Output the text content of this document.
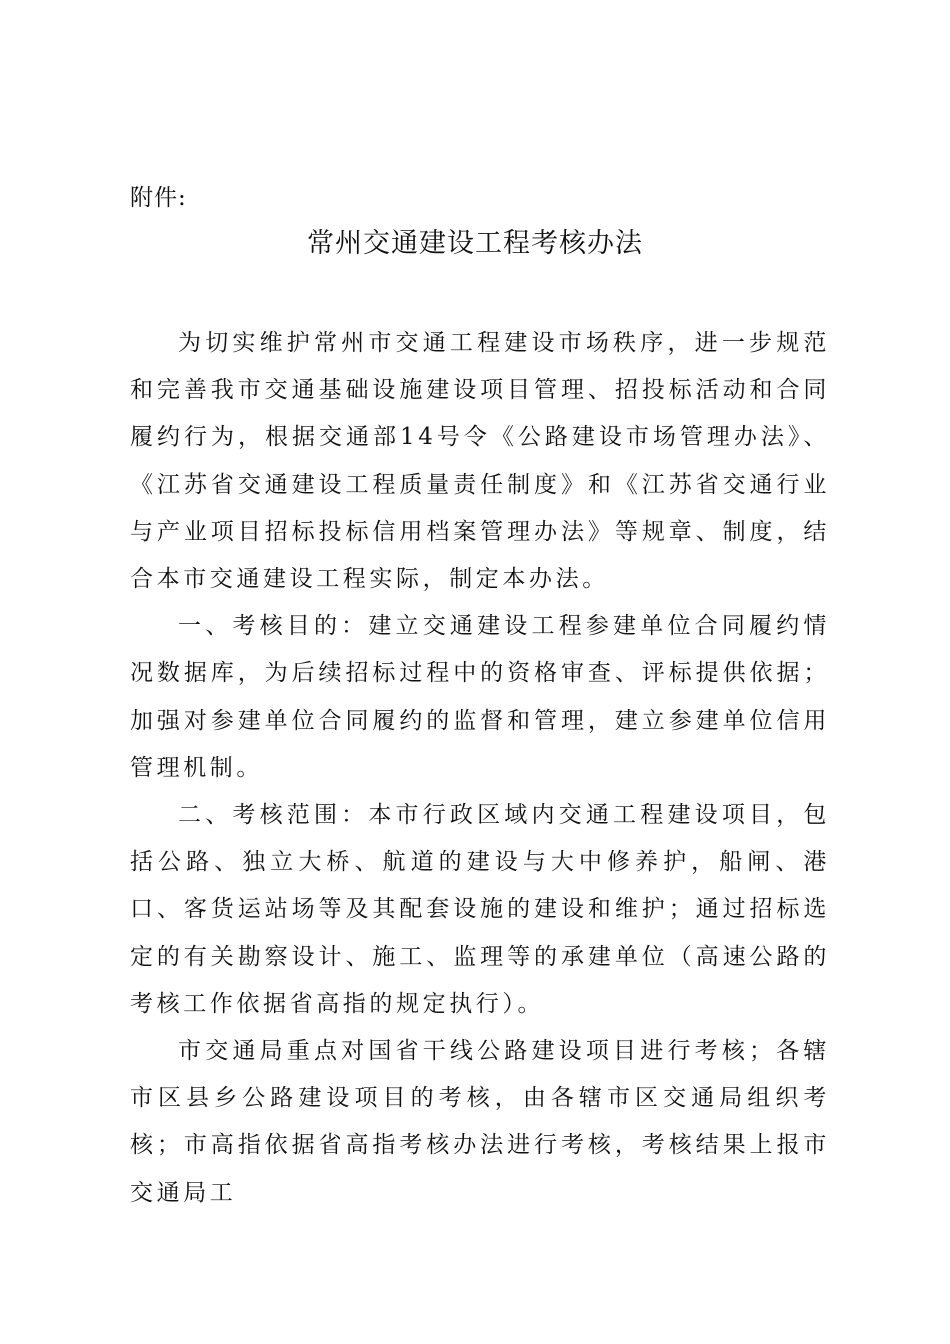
附件:
常州交通建设工程考核办法

为切实维护常州市交通工程建设市场秩序，进一步规范和完善我市交通基础设施建设项目管理、招投标活动和合同履约行为，根据交通部14号令《公路建设市场管理办法》、《江苏省交通建设工程质量责任制度》和《江苏省交通行业与产业项目招标投标信用档案管理办法》等规章、制度，结合本市交通建设工程实际，制定本办法。

一、考核目的：建立交通建设工程参建单位合同履约情况数据库，为后续招标过程中的资格审查、评标提供依据；加强对参建单位合同履约的监督和管理，建立参建单位信用管理机制。

二、考核范围：本市行政区域内交通工程建设项目，包括公路、独立大桥、航道的建设与大中修养护，船闸、港口、客货运站场等及其配套设施的建设和维护；通过招标选定的有关勘察设计、施工、监理等的承建单位（高速公路的考核工作依据省高指的规定执行）。

市交通局重点对国省干线公路建设项目进行考核；各辖市区县乡公路建设项目的考核，由各辖市区交通局组织考核；市高指依据省高指考核办法进行考核，考核结果上报市交通局工
